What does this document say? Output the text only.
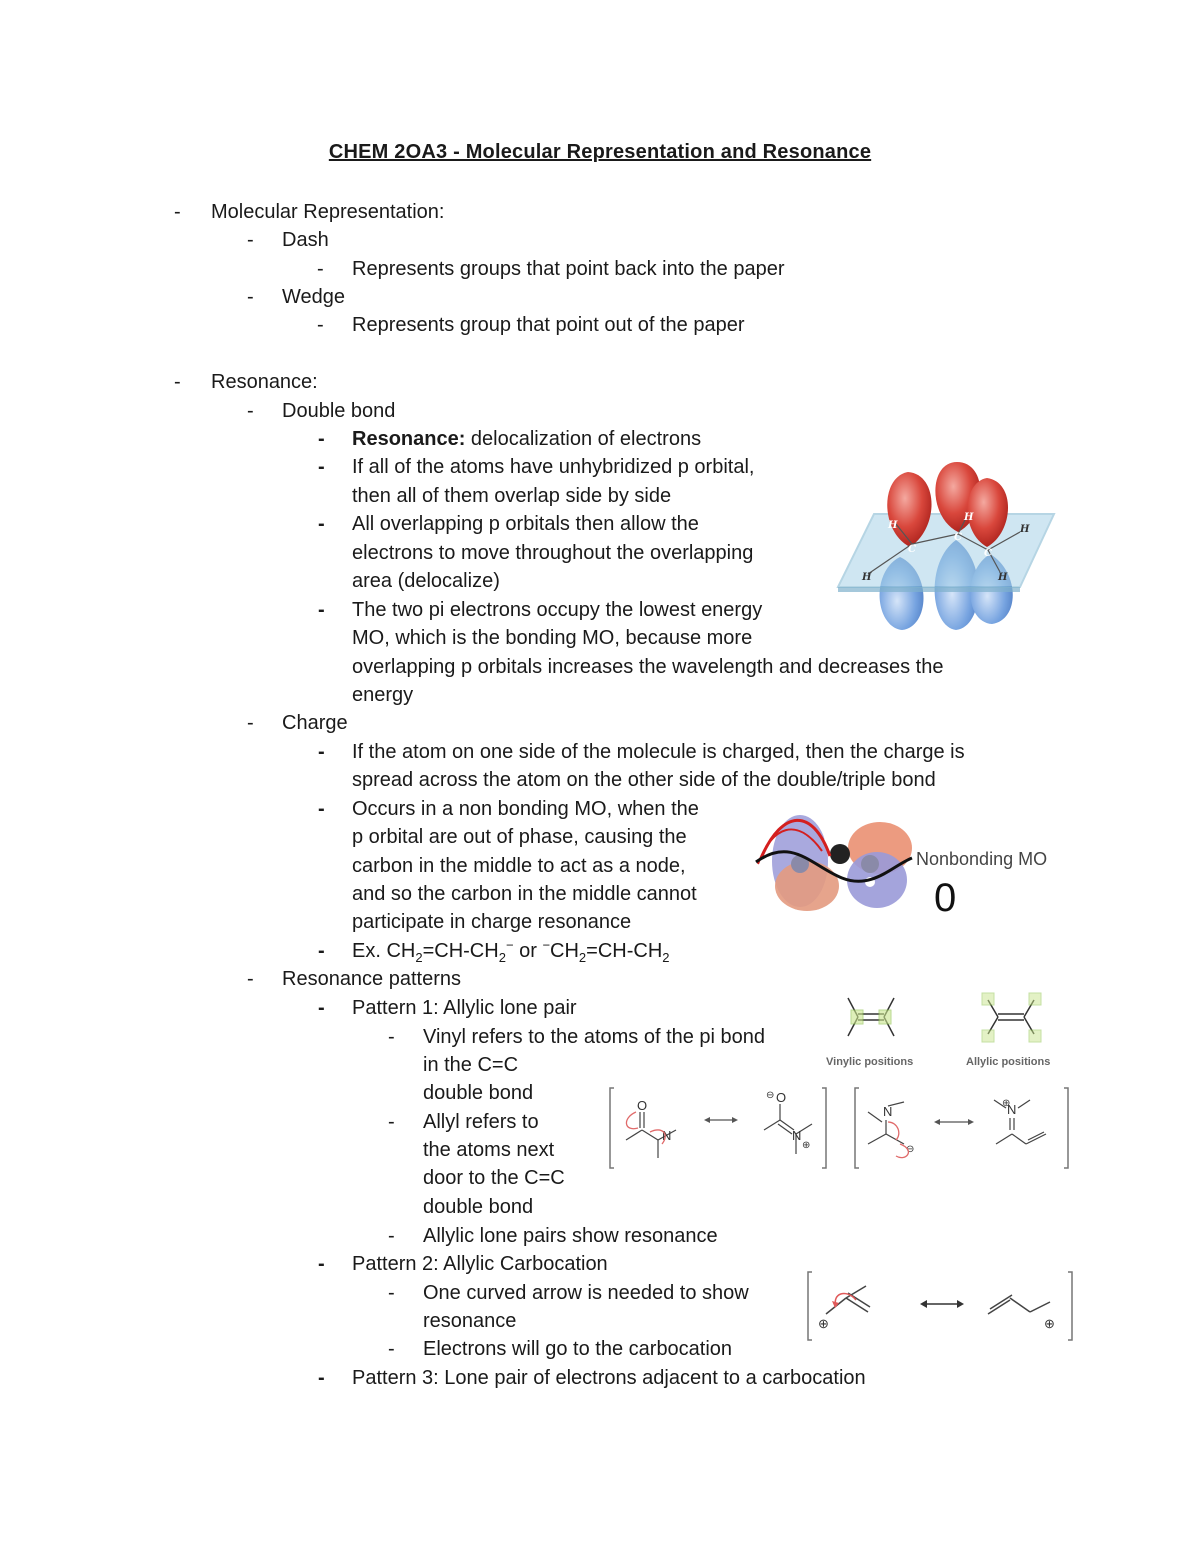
CHEM 2OA3 - Molecular Representation and Resonance
- Molecular Representation:
- Dash
- Represents groups that point back into the paper
- Wedge
- Represents group that point out of the paper
- Resonance:
- Double bond
- Resonance: delocalization of electrons
- If all of the atoms have unhybridized p orbital,
then all of them overlap side by side
- All overlapping p orbitals then allow the
electrons to move throughout the overlapping
area (delocalize)
- The two pi electrons occupy the lowest energy
MO, which is the bonding MO, because more
overlapping p orbitals increases the wavelength and decreases the
energy
- Charge
- If the atom on one side of the molecule is charged, then the charge is
spread across the atom on the other side of the double/triple bond
- Occurs in a non bonding MO, when the
p orbital are out of phase, causing the
carbon in the middle to act as a node,
and so the carbon in the middle cannot
participate in charge resonance
- Ex. $CH_2=CH-CH_2^-$ or $^-CH_2=CH-CH_2$
- Resonance patterns
- Pattern 1: Allylic lone pair
- Vinyl refers to the atoms of the pi bond
in the C=C
double bond
- Allyl refers to
the atoms next
door to the C=C
double bond
- Allylic lone pairs show resonance
- Pattern 2: Allylic Carbocation
- One curved arrow is needed to show
resonance
- Electrons will go to the carbocation
- Pattern 3: Lone pair of electrons adjacent to a carbocation
H
H
C
C
C
H
H
H
Nonbonding MO
0
Vinylic positions	Allylic positions
O
N
O
N
N	N
⊖
⊕
⊕
⊖
⊕	⊕
